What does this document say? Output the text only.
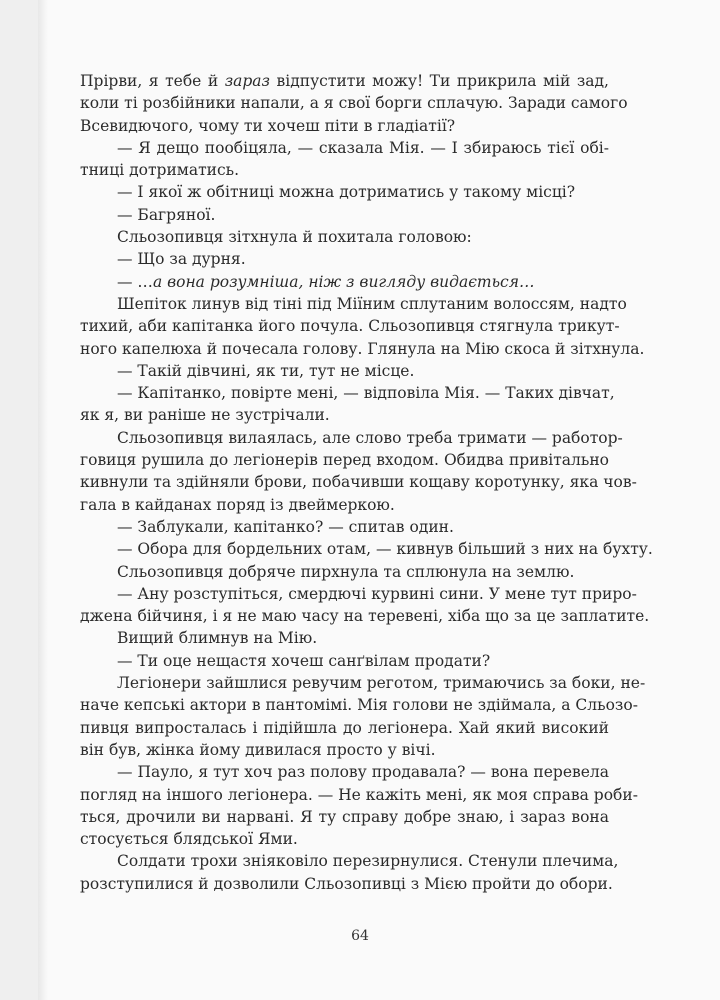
Прірви, я тебе й зараз відпустити можу! Ти прикрила мій зад,
коли ті розбійники напали, а я свої борги сплачую. Заради самого
Всевидючого, чому ти хочеш піти в гладіатії?
— Я дещо пообіцяла, — сказала Мія. — І збираюсь тієї обі-
тниці дотриматись.
— І якої ж обітниці можна дотриматись у такому місці?
— Багряної.
Сльозопивця зітхнула й похитала головою:
— Що за дурня.
— …а вона розумніша, ніж з вигляду видається…
Шепіток линув від тіні під Міїним сплутаним волоссям, надто
тихий, аби капітанка його почула. Сльозопивця стягнула трикут-
ного капелюха й почесала голову. Глянула на Мію скоса й зітхнула.
— Такій дівчині, як ти, тут не місце.
— Капітанко, повірте мені, — відповіла Мія. — Таких дівчат,
як я, ви раніше не зустрічали.
Сльозопивця вилаялась, але слово треба тримати — работор-
говиця рушила до легіонерів перед входом. Обидва привітально
кивнули та здійняли брови, побачивши кощаву коротунку, яка чов-
гала в кайданах поряд із двеймеркою.
— Заблукали, капітанко? — спитав один.
— Обора для бордельних отам, — кивнув більший з них на бухту.
Сльозопивця добряче пирхнула та сплюнула на землю.
— Ану розступіться, смердючі курвині сини. У мене тут приро-
джена бійчиня, і я не маю часу на теревені, хіба що за це заплатите.
Вищий блимнув на Мію.
— Ти оце нещастя хочеш санґвілам продати?
Легіонери зайшлися ревучим реготом, тримаючись за боки, не-
наче кепські актори в пантомімі. Мія голови не здіймала, а Сльозо-
пивця випросталась і підійшла до легіонера. Хай який високий
він був, жінка йому дивилася просто у вічі.
— Пауло, я тут хоч раз полову продавала? — вона перевела
погляд на іншого легіонера. — Не кажіть мені, як моя справа роби-
ться, дрочили ви нарвані. Я ту справу добре знаю, і зараз вона
стосується блядської Ями.
Солдати трохи зніяковіло перезирнулися. Стенули плечима,
розступилися й дозволили Сльозопивці з Мією пройти до обори.
64
